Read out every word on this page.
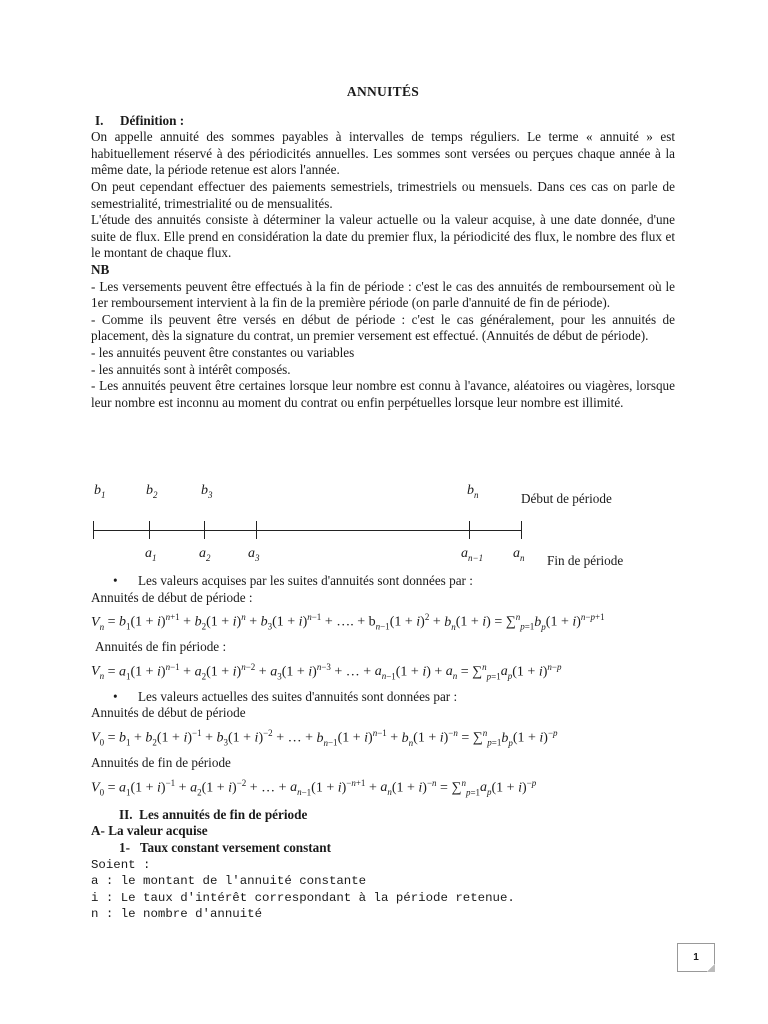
ANNUITÉS
I. Définition :

On appelle annuité des sommes payables à intervalles de temps réguliers. Le terme « annuité » est habituellement réservé à des périodicités annuelles. Les sommes sont versées ou perçues chaque année à la même date, la période retenue est alors l'année.

On peut cependant effectuer des paiements semestriels, trimestriels ou mensuels. Dans ces cas on parle de semestrialité, trimestrialité ou de mensualités.

L'étude des annuités consiste à déterminer la valeur actuelle ou la valeur acquise, à une date donnée, d'une suite de flux. Elle prend en considération la date du premier flux, la périodicité des flux, le nombre des flux et le montant de chaque flux.

NB

- Les versements peuvent être effectués à la fin de période : c'est le cas des annuités de remboursement où le 1er remboursement intervient à la fin de la première période (on parle d'annuité de fin de période).

- Comme ils peuvent être versés en début de période : c'est le cas généralement, pour les annuités de placement, dès la signature du contrat, un premier versement est effectué. (Annuités de début de période).

- les annuités peuvent être constantes ou variables

- les annuités sont à intérêt composés.

- Les annuités peuvent être certaines lorsque leur nombre est connu à l'avance, aléatoires ou viagères, lorsque leur nombre est inconnu au moment du contrat ou enfin perpétuelles lorsque leur nombre est illimité.

$b_1$	$b_2$	$b_3$	$b_n$	Début de période
$a_1$	$a_2$	$a_3$	$a_{n-1}$ $a_n$ Fin de période
• Les valeurs acquises par les suites d'annuités sont données par :

Annuités de début de période :

$V_n = b_1(1 + i)^{n+1} + b_2(1 + i)^n + b_3(1 + i)^{n-1}$ + …. + $b_{n-1}(1 + i)^2 + b_n(1 + i) = \sum^n_{p=1}b_p(1 + i)^{n-p+1}$

Annuités de fin période :

$V_n = a_1(1 + i)^{n-1} + a_2(1 + i)^{n-2} + a_3(1 + i)^{n-3}$ + … + $a_{n-1}(1 + i) + a_n = \sum^n_{p=1}a_p(1 + i)^{n-p}$
• Les valeurs actuelles des suites d'annuités sont données par :

Annuités de début de période

$V_0 = b_1 + b_2(1 + i)^{-1} + b_3(1 + i)^{-2}$ + … + $b_{n-1}(1 + i)^{n-1} + b_n(1 + i)^{-n} = \sum^n_{p=1}b_p(1 + i)^{-p}$

Annuités de fin de période

$V_0 = a_1(1 + i)^{-1} + a_2(1 + i)^{-2}$ + … + $a_{n-1}(1 + i)^{-n+1} + a_n(1 + i)^{-n} = \sum^n_{p=1}a_p(1 + i)^{-p}$
II. Les annuités de fin de période
A- La valeur acquise
1- Taux constant versement constant
Soient :
a : le montant de l'annuité constante
i : Le taux d'intérêt correspondant à la période retenue.
n : le nombre d'annuité
1
